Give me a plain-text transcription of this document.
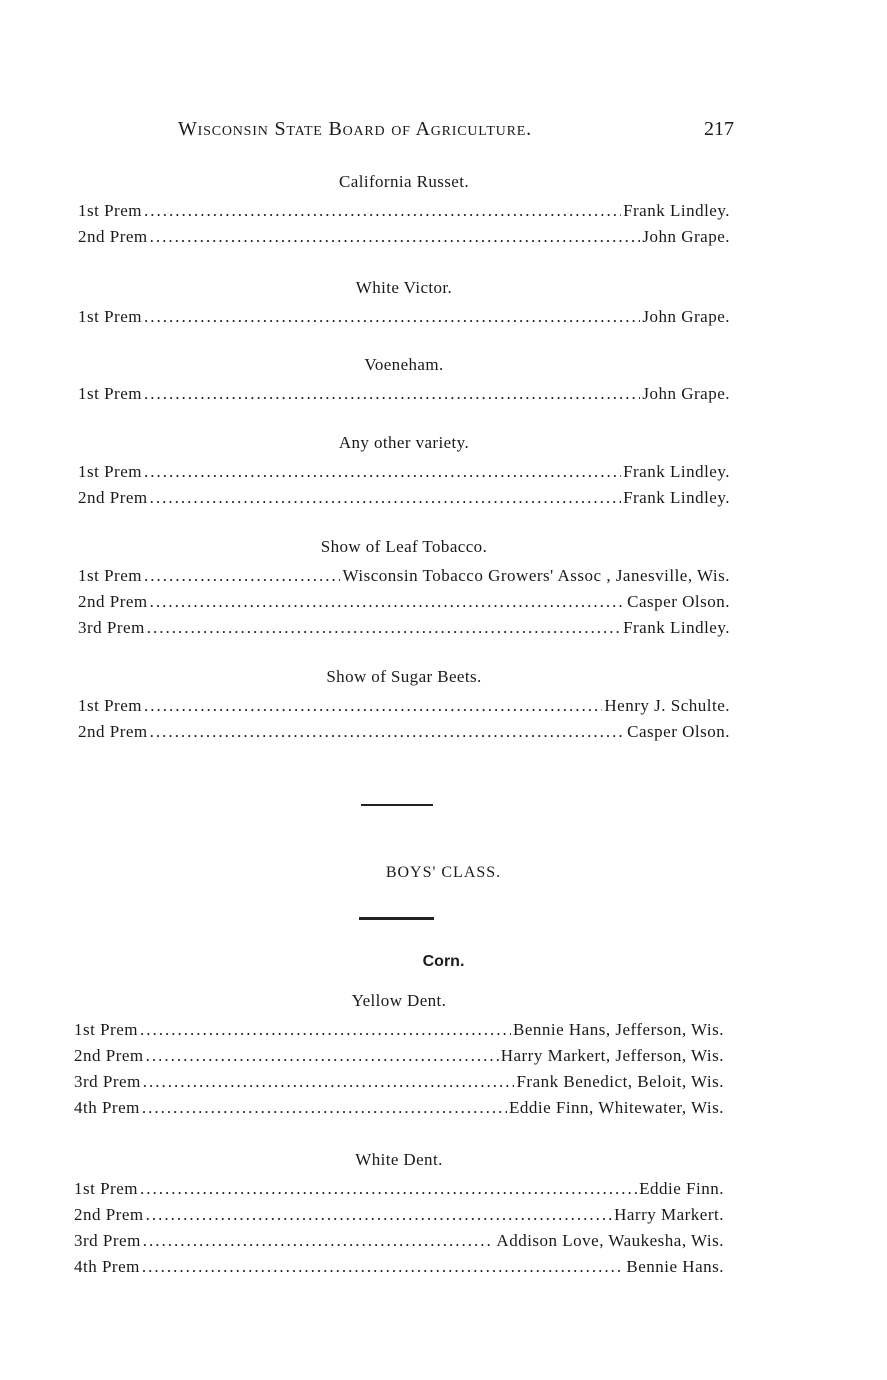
Wisconsin State Board of Agriculture.	217
California Russet.
1st Prem .....	Frank Lindley.
2nd Prem .....	John Grape.
White Victor.
1st Prem .....	John Grape.
Voeneham.
1st Prem .....	John Grape.
Any other variety.
1st Prem .....	Frank Lindley.
2nd Prem .....	Frank Lindley.
Show of Leaf Tobacco.
1st Prem .....	Wisconsin Tobacco Growers' Assoc , Janesville, Wis.
2nd Prem .....	Casper Olson.
3rd Prem .....	Frank Lindley.
Show of Sugar Beets.
1st Prem .....	Henry J. Schulte.
2nd Prem .....	Casper Olson.
BOYS' CLASS.
Corn.
Yellow Dent.
1st Prem .....	Bennie Hans, Jefferson, Wis.
2nd Prem .....	Harry Markert, Jefferson, Wis.
3rd Prem .....	Frank Benedict, Beloit, Wis.
4th Prem .....	Eddie Finn, Whitewater, Wis.
White Dent.
1st Prem .....	Eddie Finn.
2nd Prem .....	Harry Markert.
3rd Prem .....	Addison Love, Waukesha, Wis.
4th Prem .....	Bennie Hans.
